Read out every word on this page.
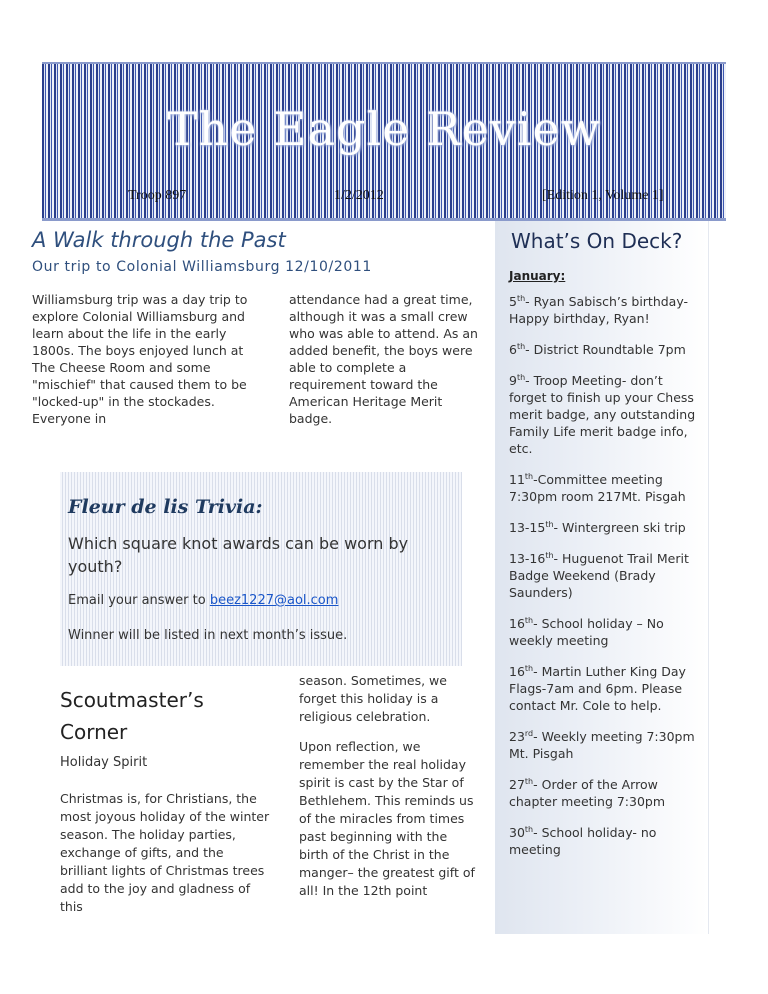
The Eagle Review
Troop 897	1/2/2012	[Edition 1, Volume 1]
A Walk through the Past
Our trip to Colonial Williamsburg 12/10/2011
Williamsburg trip was a day trip to explore Colonial Williamsburg and learn about the life in the early 1800s. The boys enjoyed lunch at The Cheese Room and some "mischief" that caused them to be "locked-up" in the stockades. Everyone in
attendance had a great time, although it was a small crew who was able to attend. As an added benefit, the boys were able to complete a requirement toward the American Heritage Merit badge.
Fleur de lis Trivia:
Which square knot awards can be worn by youth?
Email your answer to beez1227@aol.com
Winner will be listed in next month’s issue.
Scoutmaster’s Corner
Holiday Spirit
Christmas is, for Christians, the most joyous holiday of the winter season. The holiday parties, exchange of gifts, and the brilliant lights of Christmas trees add to the joy and gladness of this
season. Sometimes, we forget this holiday is a religious celebration.
Upon reflection, we remember the real holiday spirit is cast by the Star of Bethlehem. This reminds us of the miracles from times past beginning with the birth of the Christ in the manger– the greatest gift of all! In the 12th point
What’s On Deck?
January:
5th- Ryan Sabisch’s birthday- Happy birthday, Ryan!
6th- District Roundtable 7pm
9th- Troop Meeting- don’t forget to finish up your Chess merit badge, any outstanding Family Life merit badge info, etc.
11th-Committee meeting 7:30pm room 217Mt. Pisgah
13-15th- Wintergreen ski trip
13-16th- Huguenot Trail Merit Badge Weekend (Brady Saunders)
16th- School holiday – No weekly meeting
16th- Martin Luther King Day Flags-7am and 6pm. Please contact Mr. Cole to help.
23rd- Weekly meeting 7:30pm Mt. Pisgah
27th- Order of the Arrow chapter meeting 7:30pm
30th- School holiday- no meeting
